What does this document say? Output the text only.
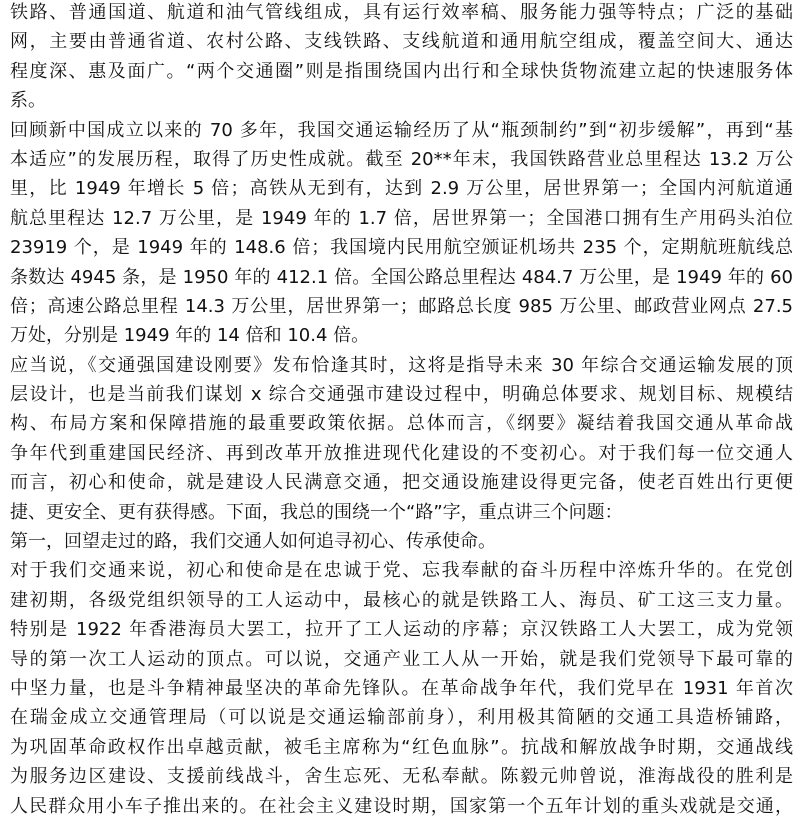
铁路、普通国道、航道和油气管线组成，具有运行效率稿、服务能力强等特点；广泛的基础
网，主要由普通省道、农村公路、支线铁路、支线航道和通用航空组成，覆盖空间大、通达
程度深、惠及面广。“两个交通圈”则是指围绕国内出行和全球快货物流建立起的快速服务体
系。
回顾新中国成立以来的 70 多年，我国交通运输经历了从“瓶颈制约”到“初步缓解”，再到“基
本适应”的发展历程，取得了历史性成就。截至 20**年末，我国铁路营业总里程达 13.2 万公
里，比 1949 年增长 5 倍；高铁从无到有，达到 2.9 万公里，居世界第一；全国内河航道通
航总里程达 12.7 万公里，是 1949 年的 1.7 倍，居世界第一；全国港口拥有生产用码头泊位
23919 个，是 1949 年的 148.6 倍；我国境内民用航空颁证机场共 235 个，定期航班航线总
条数达 4945 条，是 1950 年的 412.1 倍。全国公路总里程达 484.7 万公里，是 1949 年的 60
倍；高速公路总里程 14.3 万公里，居世界第一；邮路总长度 985 万公里、邮政营业网点 27.5
万处，分别是 1949 年的 14 倍和 10.4 倍。
应当说，《交通强国建设刚要》发布恰逢其时，这将是指导未来 30 年综合交通运输发展的顶
层设计，也是当前我们谋划 x 综合交通强市建设过程中，明确总体要求、规划目标、规模结
构、布局方案和保障措施的最重要政策依据。总体而言，《纲要》凝结着我国交通从革命战
争年代到重建国民经济、再到改革开放推进现代化建设的不变初心。对于我们每一位交通人
而言，初心和使命，就是建设人民满意交通，把交通设施建设得更完备，使老百姓出行更便
捷、更安全、更有获得感。下面，我总的围绕一个“路”字，重点讲三个问题：
第一，回望走过的路，我们交通人如何追寻初心、传承使命。
对于我们交通来说，初心和使命是在忠诚于党、忘我奉献的奋斗历程中淬炼升华的。在党创
建初期，各级党组织领导的工人运动中，最核心的就是铁路工人、海员、矿工这三支力量。
特别是 1922 年香港海员大罢工，拉开了工人运动的序幕；京汉铁路工人大罢工，成为党领
导的第一次工人运动的顶点。可以说，交通产业工人从一开始，就是我们党领导下最可靠的
中坚力量，也是斗争精神最坚决的革命先锋队。在革命战争年代，我们党早在 1931 年首次
在瑞金成立交通管理局（可以说是交通运输部前身），利用极其简陋的交通工具造桥铺路，
为巩固革命政权作出卓越贡献，被毛主席称为“红色血脉”。抗战和解放战争时期，交通战线
为服务边区建设、支援前线战斗，舍生忘死、无私奉献。陈毅元帅曾说，淮海战役的胜利是
人民群众用小车子推出来的。在社会主义建设时期，国家第一个五年计划的重头戏就是交通，
